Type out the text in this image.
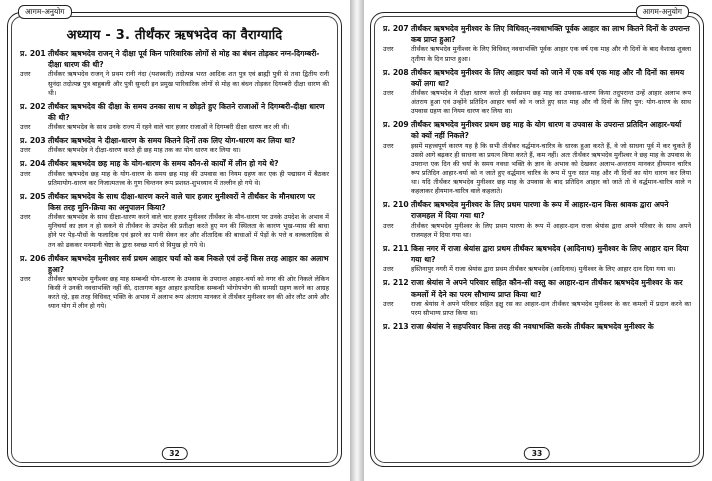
आगम-अनुयोग
अध्याय - 3. तीर्थंकर ऋषभदेव का वैराग्यादि
प्र. 201 तीर्थंकर ऋषभदेव राजन् ने दीक्षा पूर्व किन पारिवारिक लोगों से मोह का बंधन तोड़कर नग्न-दिगम्बरी-दीक्षा धारण की थी?
उत्तर	तीर्थंकर ऋषभदेव राजन् ने प्रथम रानी नंदा (यशस्वती) तदोत्पन्न भरत आदिक शत पुत्र एवं ब्राह्मी पुत्री से तथा द्वितीय रानी सुनंदा तदोत्पन्न पुत्र बाहुबली और पुत्री सुन्दरी इन प्रमुख पारिवारिक लोगों से मोह का बंधन तोड़कर दिगम्बरी दीक्षा धारण की थी।
प्र. 202 तीर्थंकर ऋषभदेव की दीक्षा के समय उनका साथ न छोड़ते हुए कितने राजाओं ने दिगम्बरी-दीक्षा धारण की थी?
उत्तर	तीर्थंकर ऋषभदेव के साथ उनके राज्य में रहने वाले चार हजार राजाओं ने दिगम्बरी दीक्षा धारण कर ली थी।
प्र. 203 तीर्थंकर ऋषभदेव ने दीक्षा-धारण के समय कितने दिनों तक लिए योग-धारण कर लिया था?
उत्तर	तीर्थंकर ऋषभदेव ने दीक्षा-धारण करते ही छह माह तक का योग धारण कर लिया था।
प्र. 204 तीर्थंकर ऋषभदेव छह माह के योग-धारण के समय कौन-से कार्यों में लीन हो गये थे?
उत्तर	तीर्थंकर ऋषभदेव छह माह के योग-धारण के समय छह माह की उपवास का नियम ग्रहण कर एक ही पद्मासन में बैठकर प्रतिमायोग-धारण कर निजात्मतत्त्व के गुण चिन्तनन रूप प्रशस्त-शुभध्यान में तल्लीन हो गये थे।
प्र. 205 तीर्थंकर ऋषभदेव के साथ दीक्षा-धारण करने वाले चार हजार मुनीश्वरों ने तीर्थंकर के मौनधारण पर किस तरह मुनि-क्रिया का अनुपालन किया?
उत्तर	तीर्थंकर ऋषभदेव के साथ दीक्षा-धारण करने वाले चार हजार मुनीश्वर तीर्थंकर के मौन-धारण पर उनके उपदेश के अभाव में मुनिचर्या का ज्ञान न हो सकने से तीर्थंकर के उपदेश की प्रतीक्षा करते हुए मन की स्थिलता के कारण भूख-प्यास की बाधा होने पर पेड़-पौधों के फलादिक एवं झरने का पानी सेवन कर और शीतादिक की बाधाओं में पेड़ों के पत्ते व वल्कलादिक से तन को ढककर मनमानी चेष्टा के द्वारा स्वच्छ मार्ग से विमुख हो गये थे।
प्र. 206 तीर्थंकर ऋषभदेव मुनीश्वर सर्व प्रथम आहार चर्या को कब निकले एवं उन्हें किस तरह आहार का अलाभ हुआ?
उत्तर	तीर्थंकर ऋषभदेव मुनीश्वर छह माह सम्बन्धी योग-धारण के उपवास के उपरान्त आहार-चर्या को नगर की ओर निकले लेकिन किसी ने उनकी नवधाभक्ति नहीं की, दातागण बहुत आहार इत्यादिक सम्बन्धी भोगोपभोग की सामग्री ग्रहण करने का आग्रह करते रहे, इस तरह विधिवत् भक्ति के अभाव में अलाभ रूप अंतराय मानकर वे तीर्थंकर मुनीश्वर वन की ओर लौट आये और ध्यान योग में लीन हो गये।
32
आगम-अनुयोग
प्र. 207 तीर्थंकर ऋषभदेव मुनीश्वर के लिए विधिवत्-नवधाभक्ति पूर्वक आहार का लाभ कितने दिनों के उपरान्त कब प्राप्त हुआ?
उत्तर	तीर्थंकर ऋषभदेव मुनीश्वर के लिए विधिवत् नवधाभक्ति पूर्वक आहार एक वर्ष एक माह और नौ दिनों के बाद वैशाख शुक्ला तृतीया के दिन प्राप्त हुआ।
प्र. 208 तीर्थंकर ऋषभदेव मुनीश्वर के लिए आहार चर्या को जाने में एक वर्ष एक माह और नौ दिनों का समय क्यों लगा था?
उत्तर	तीर्थंकर ऋषभदेव ने दीक्षा धारण करते ही सर्वप्रथम छह माह का उपवास-धारण किया तदुपरान्त उन्हें आहार अलाभ रूप अंतराय हुआ एवं उन्होंने प्रतिदिन आहार चर्या को न जाते हुए सात माह और नौ दिनों के लिए पुन: योग-धारण के साथ उपवास ग्रहण का नियम धारण कर लिया था।
प्र. 209 तीर्थंकर ऋषभदेव मुनीश्वर प्रथम छह माह के योग धारण व उपवास के उपरान्त प्रतिदिन आहार-चर्या को क्यों नहीं निकले?
उत्तर	इसमें महत्त्वपूर्ण कारण यह है कि सभी तीर्थंकर वर्द्धमान-चारित्र के धारक हुआ करते हैं, वे जो साधना पूर्व में कर चुकते हैं उससे आगे बढ़कर ही साधना का प्रयत्न किया करते हैं, कम नहीं। अतः तीर्थंकर ऋषभदेव मुनीश्वर ने छह माह के उपवास के उपरान्त एक दिन की चर्या के समय नवधा भक्ति के ज्ञान के अभाव को देखकर अलाभ-अन्तराय मानकर हीयमान चारित्र रूप प्रतिदिन आहार-चर्या को न जाते हुए वर्द्धमान चारित्र के रूप में पुनः सात माह और नौ दिनों का योग धारण कर लिया था। यदि तीर्थंकर ऋषभदेव मुनीश्वर छह माह के उपवास के बाद प्रतिदिन आहार को जाते तो वे वर्द्धमान-चारित्र वाले न कहलाकर हीयमान-चारित्र वाले कहलाते।
प्र. 210 तीर्थंकर ऋषभदेव मुनीश्वर के लिए प्रथम पारणा के रूप में आहार-दान किस श्रावक द्वारा अपने राजमहल में दिया गया था?
उत्तर	तीर्थंकर ऋषभदेव मुनीश्वर के लिए प्रथम पारणा के रूप में आहार-दान राजा श्रेयांस द्वारा अपने परिवार के साथ अपने राजमहल में दिया गया था।
प्र. 211 किस नगर में राजा श्रेयांस द्वारा प्रथम तीर्थंकर ऋषभदेव (आदिनाथ) मुनीश्वर के लिए आहार दान दिया गया था?
उत्तर	हस्तिनापुर नगरी में राजा श्रेयांस द्वारा प्रथम तीर्थंकर ऋषभदेव (आदिनाथ) मुनीश्वर के लिए आहार दान दिया गया था।
प्र. 212 राजा श्रेयांस ने अपने परिवार सहित कौन-सी वस्तु का आहार-दान तीर्थंकर ऋषभदेव मुनीश्वर के कर कमलों में देने का परम सौभाग्य प्राप्त किया था?
उत्तर	राजा श्रेयांस ने अपने परिवार सहित इक्षु रस का आहार-दान तीर्थंकर ऋषभदेव मुनीश्वर के कर कमलों में प्रदान करने का परम सौभाग्य प्राप्त किया था।
प्र. 213 राजा श्रेयांस ने सहपरिवार किस तरह की नवधाभक्ति करके तीर्थंकर ऋषभदेव मुनीश्वर के
33
